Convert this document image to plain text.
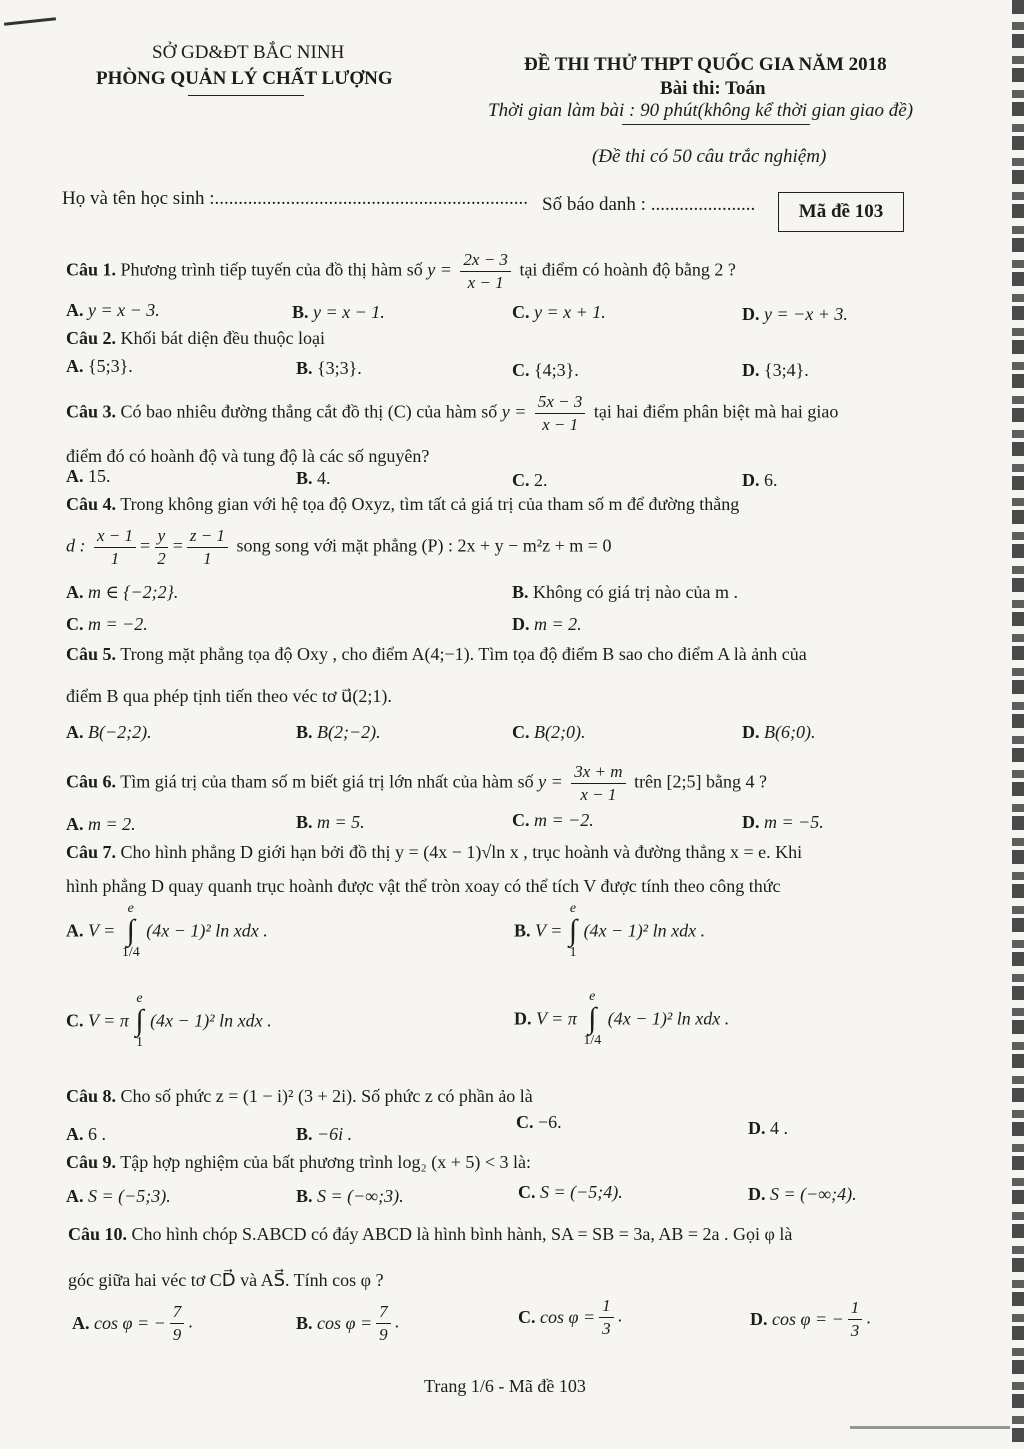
SỞ GD&ĐT BẮC NINH
PHÒNG QUẢN LÝ CHẤT LƯỢNG
ĐỀ THI THỬ THPT QUỐC GIA NĂM 2018
Bài thi: Toán
Thời gian làm bài : 90 phút(không kể thời gian giao đề)
(Đề thi có 50 câu trắc nghiệm)
Họ và tên học sinh :.................................................................. Số báo danh : ......................	Mã đề 103
Câu 1. Phương trình tiếp tuyến của đồ thị hàm số $y = \frac{2x - 3}{x - 1}$ tại điểm có hoành độ bằng 2 ?
A. y = x − 3.	B. y = x − 1.	C. y = x + 1.	D. y = −x + 3.
Câu 2. Khối bát diện đều thuộc loại
A. {5;3}.	B. {3;3}.	C. {4;3}.	D. {3;4}.
Câu 3. Có bao nhiêu đường thẳng cắt đồ thị (C) của hàm số $y = \frac{5x - 3}{x - 1}$ tại hai điểm phân biệt mà hai giao
điểm đó có hoành độ và tung độ là các số nguyên?
A. 15.	B. 4.	C. 2.	D. 6.
Câu 4. Trong không gian với hệ tọa độ Oxyz, tìm tất cả giá trị của tham số m để đường thẳng
d : $\frac{x - 1}{1} = \frac{y}{2} = \frac{z - 1}{1}$ song song với mặt phẳng (P) : 2x + y − m²z + m = 0
A. m ∈ {−2;2}.	B. Không có giá trị nào của m .
C. m = −2.	D. m = 2.
Câu 5. Trong mặt phẳng tọa độ Oxy , cho điểm A(4;−1). Tìm tọa độ điểm B sao cho điểm A là ảnh của
điểm B qua phép tịnh tiến theo véc tơ u⃗(2;1).
A. B(−2;2).	B. B(2;−2).	C. B(2;0).	D. B(6;0).
Câu 6. Tìm giá trị của tham số m biết giá trị lớn nhất của hàm số $y = \frac{3x + m}{x - 1}$ trên [2;5] bằng 4 ?
A. m = 2.	B. m = 5.	C. m = −2.	D. m = −5.
Câu 7. Cho hình phẳng D giới hạn bởi đồ thị y = (4x − 1)√ln x , trục hoành và đường thẳng x = e. Khi
hình phẳng D quay quanh trục hoành được vật thể tròn xoay có thể tích V được tính theo công thức
A. V =
e
∫
1/4
(4x − 1)² ln xdx .	B. V =
e
∫
1
(4x − 1)² ln xdx .
C. V = π
e
∫
1
(4x − 1)² ln xdx .	D. V = π
e
∫
1/4
(4x − 1)² ln xdx .
Câu 8. Cho số phức z = (1 − i)² (3 + 2i). Số phức z có phần ảo là
A. 6 .	B. −6i .
C. −6.	D. 4 .
Câu 9. Tập hợp nghiệm của bất phương trình log₂ (x + 5) < 3 là:
A. S = (−5;3).	B. S = (−∞;3).	C. S = (−5;4).	D. S = (−∞;4).
Câu 10. Cho hình chóp S.ABCD có đáy ABCD là hình bình hành, SA = SB = 3a, AB = 2a . Gọi φ là
góc giữa hai véc tơ CD⃗ và AS⃗. Tính cos φ ?
A. cos φ = − $\frac{7}{9}$ .	B. $\cos \varphi = \frac{7}{9}$ .	C. $\cos \varphi = \frac{1}{3}$ .	D. cos φ = − $\frac{1}{3}$ .
Trang 1/6 - Mã đề 103
